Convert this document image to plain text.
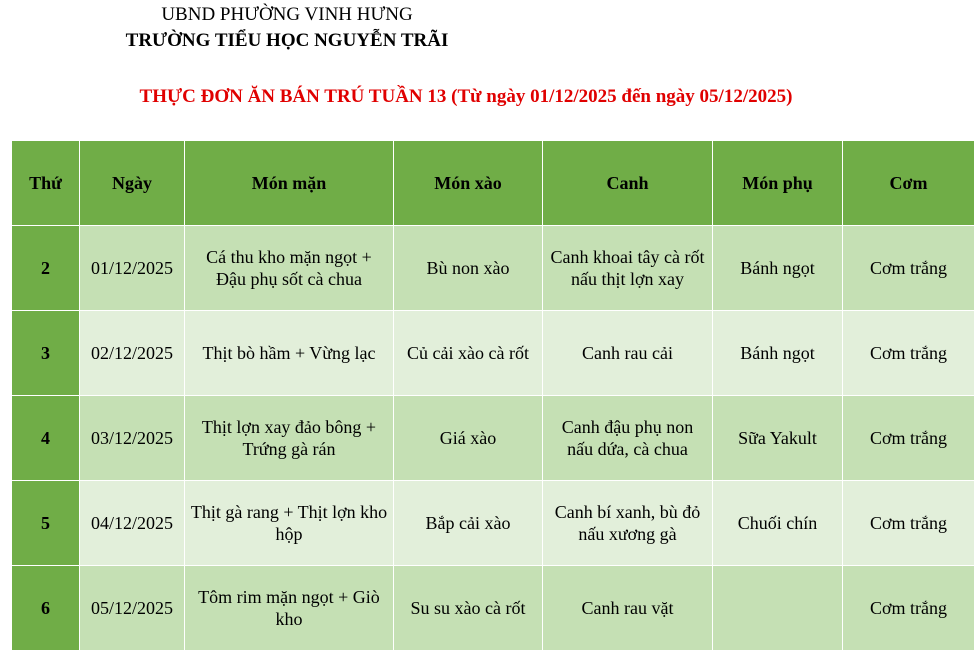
UBND PHƯỜNG VINH HƯNG
TRƯỜNG TIỂU HỌC NGUYỄN TRÃI
THỰC ĐƠN ĂN BÁN TRÚ TUẦN 13 (Từ ngày 01/12/2025 đến ngày 05/12/2025)
Thứ	Ngày	Món mặn	Món xào	Canh	Món phụ	Cơm
2	01/12/2025	Cá thu kho mặn ngọt + Đậu phụ sốt cà chua	Bù non xào	Canh khoai tây cà rốt nấu thịt lợn xay	Bánh ngọt	Cơm trắng
3	02/12/2025	Thịt bò hầm + Vừng lạc	Củ cải xào cà rốt	Canh rau cải	Bánh ngọt	Cơm trắng
4	03/12/2025	Thịt lợn xay đảo bông + Trứng gà rán	Giá xào	Canh đậu phụ non nấu dứa, cà chua	Sữa Yakult	Cơm trắng
5	04/12/2025	Thịt gà rang + Thịt lợn kho hộp	Bắp cải xào	Canh bí xanh, bù đỏ nấu xương gà	Chuối chín	Cơm trắng
6	05/12/2025	Tôm rim mặn ngọt + Giò kho	Su su xào cà rốt	Canh rau vặt		Cơm trắng
